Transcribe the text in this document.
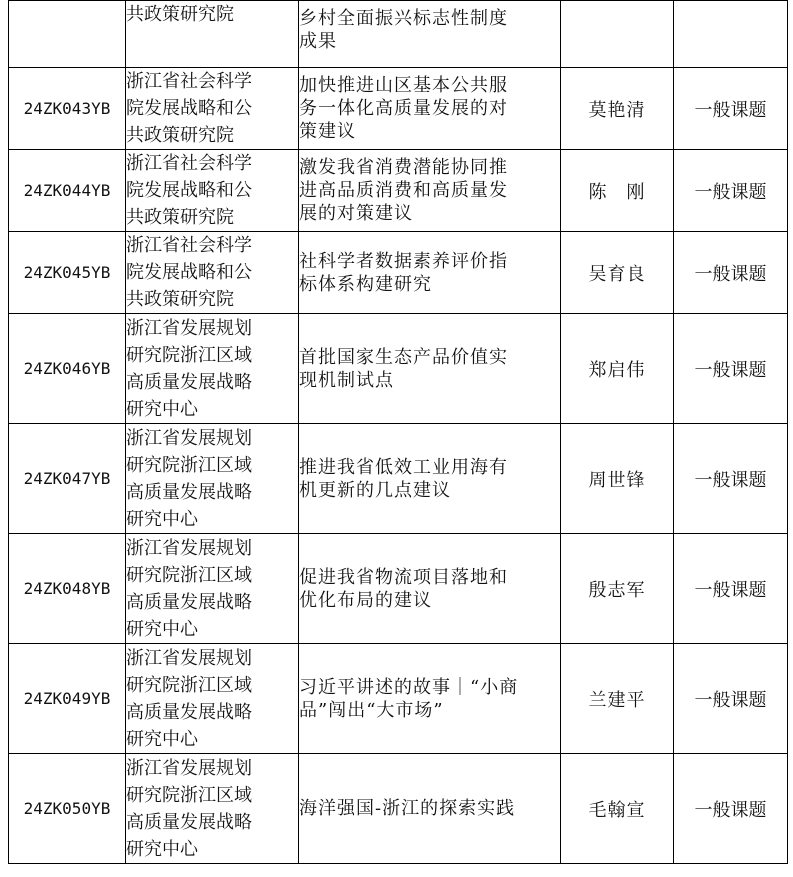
	共政策研究院	乡村全面振兴标志性制度
成果		

24ZK043YB	浙江省社会科学
院发展战略和公
共政策研究院	加快推进山区基本公共服
务一体化高质量发展的对
策建议	莫艳清	一般课题
24ZK044YB	浙江省社会科学
院发展战略和公
共政策研究院	激发我省消费潜能协同推
进高品质消费和高质量发
展的对策建议	陈　刚	一般课题
24ZK045YB	浙江省社会科学
院发展战略和公
共政策研究院	社科学者数据素养评价指
标体系构建研究	吴育良	一般课题
24ZK046YB	浙江省发展规划
研究院浙江区域
高质量发展战略
研究中心	首批国家生态产品价值实
现机制试点	郑启伟	一般课题
24ZK047YB	浙江省发展规划
研究院浙江区域
高质量发展战略
研究中心	推进我省低效工业用海有
机更新的几点建议	周世锋	一般课题
24ZK048YB	浙江省发展规划
研究院浙江区域
高质量发展战略
研究中心	促进我省物流项目落地和
优化布局的建议	殷志军	一般课题
24ZK049YB	浙江省发展规划
研究院浙江区域
高质量发展战略
研究中心	习近平讲述的故事｜“小商
品”闯出“大市场”	兰建平	一般课题
24ZK050YB	浙江省发展规划
研究院浙江区域
高质量发展战略
研究中心	海洋强国-浙江的探索实践	毛翰宣	一般课题
